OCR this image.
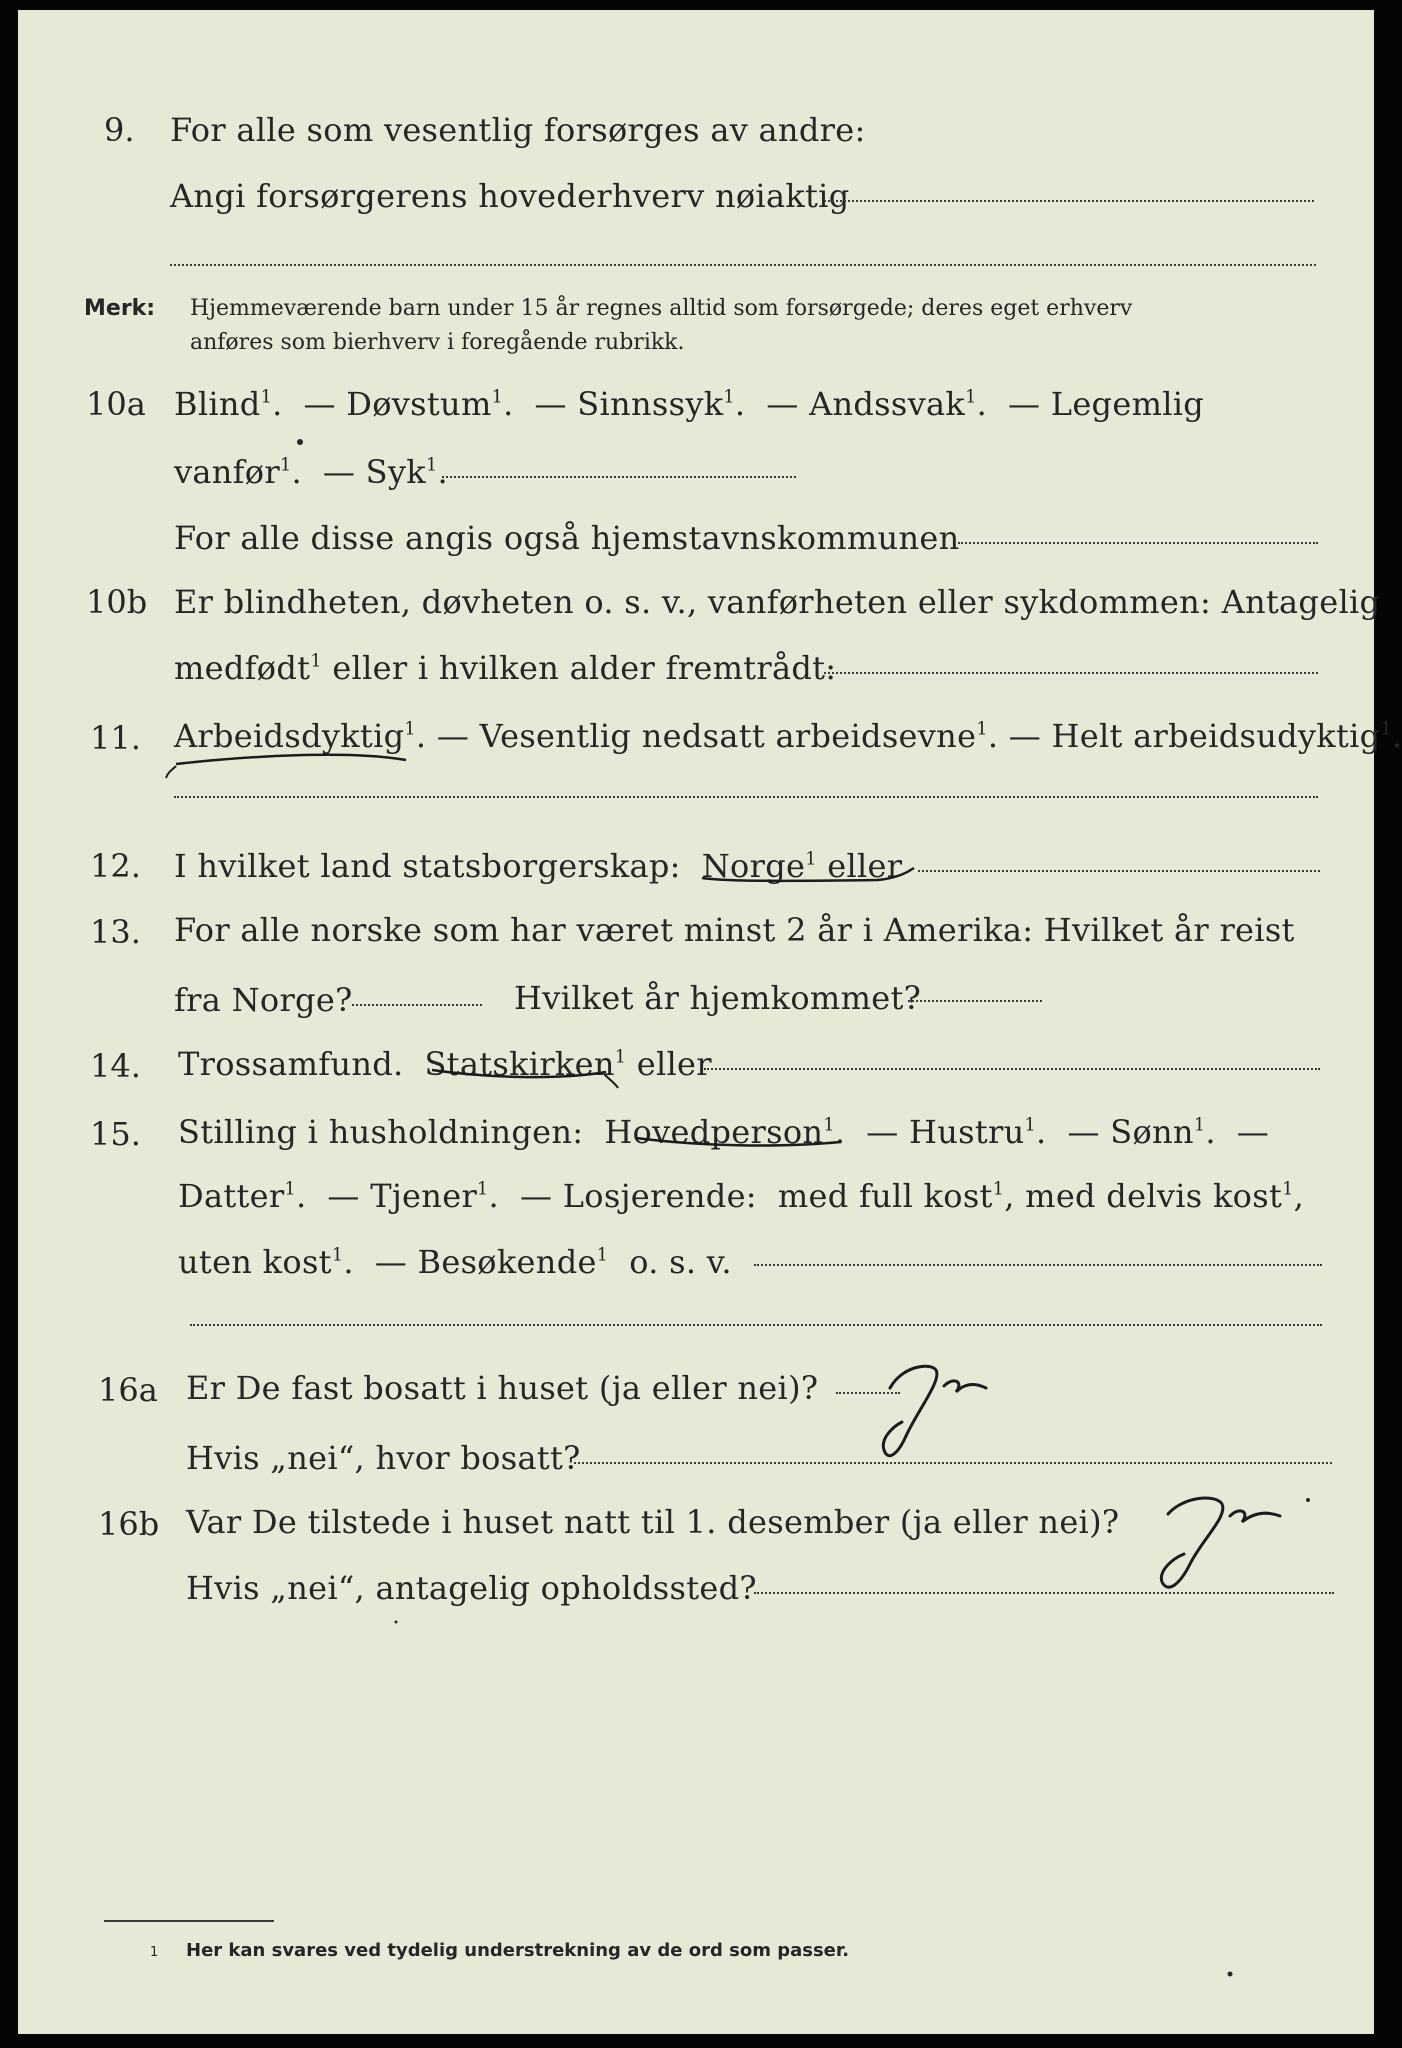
9. For alle som vesentlig forsørges av andre:
Angi forsørgerens hovederhverv nøiaktig
Merk: Hjemmeværende barn under 15 år regnes alltid som forsørgede; deres eget erhverv
anføres som bierhverv i foregående rubrikk.
10a Blind$^1$.  — Døvstum$^1$.  — Sinnssyk$^1$.  — Andssvak$^1$.  — Legemlig
vanfør$^1$.  — Syk$^1$.
For alle disse angis også hjemstavnskommunen
10b Er blindheten, døvheten o. s. v., vanførheten eller sykdommen: Antagelig
medfødt$^1$ eller i hvilken alder fremtrådt:
11. Arbeidsdyktig$^1$. — Vesentlig nedsatt arbeidsevne$^1$. — Helt arbeidsudyktig$^1$.
12. I hvilket land statsborgerskap: Norge$^1$ eller
13. For alle norske som har været minst 2 år i Amerika: Hvilket år reist
fra Norge?	Hvilket år hjemkommet?
14. Trossamfund. Statskirken$^1$ eller
15. Stilling i husholdningen: Hovedperson$^1$.  — Hustru$^1$.  — Sønn$^1$.  —
Datter$^1$.  — Tjener$^1$.  — Losjerende: med full kost$^1$, med delvis kost$^1$,
uten kost$^1$.  — Besøkende$^1$ o. s. v.
16a Er De fast bosatt i huset (ja eller nei)?
Hvis „nei“, hvor bosatt?
16b Var De tilstede i huset natt til 1. desember (ja eller nei)?
Hvis „nei“, antagelig opholdssted?
1 Her kan svares ved tydelig understrekning av de ord som passer.
